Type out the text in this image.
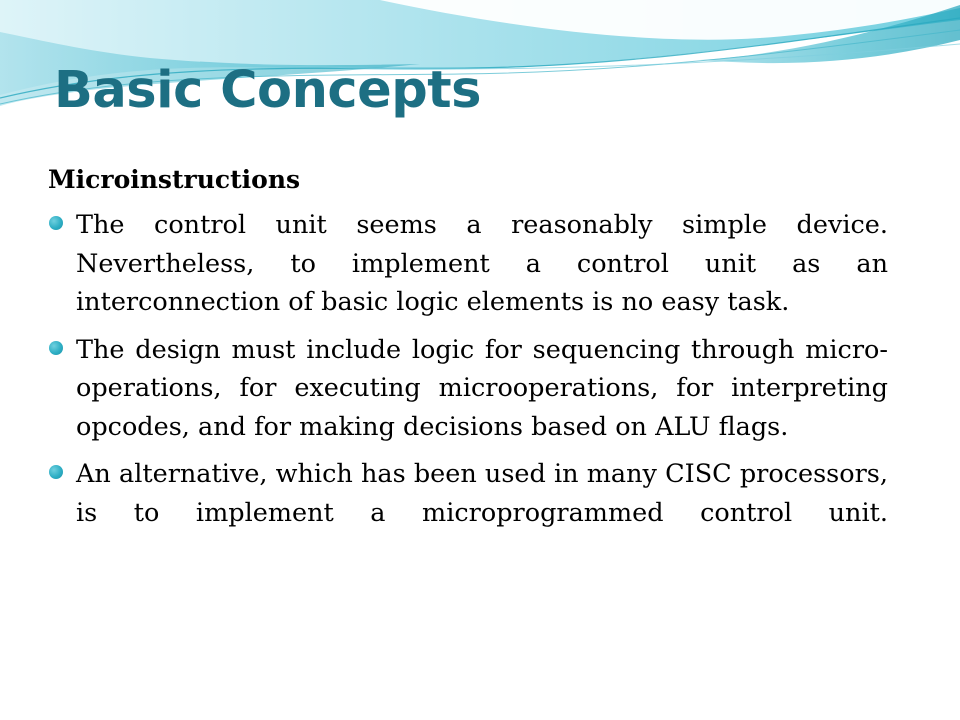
Basic Concepts
Microinstructions
The control unit seems a reasonably simple device. Nevertheless, to implement a control unit as an interconnection of basic logic elements is no easy task.
The design must include logic for sequencing through micro-operations, for executing microoperations, for interpreting opcodes, and for making decisions based on ALU flags.
An alternative, which has been used in many CISC processors, is to implement a microprogrammed control unit.
